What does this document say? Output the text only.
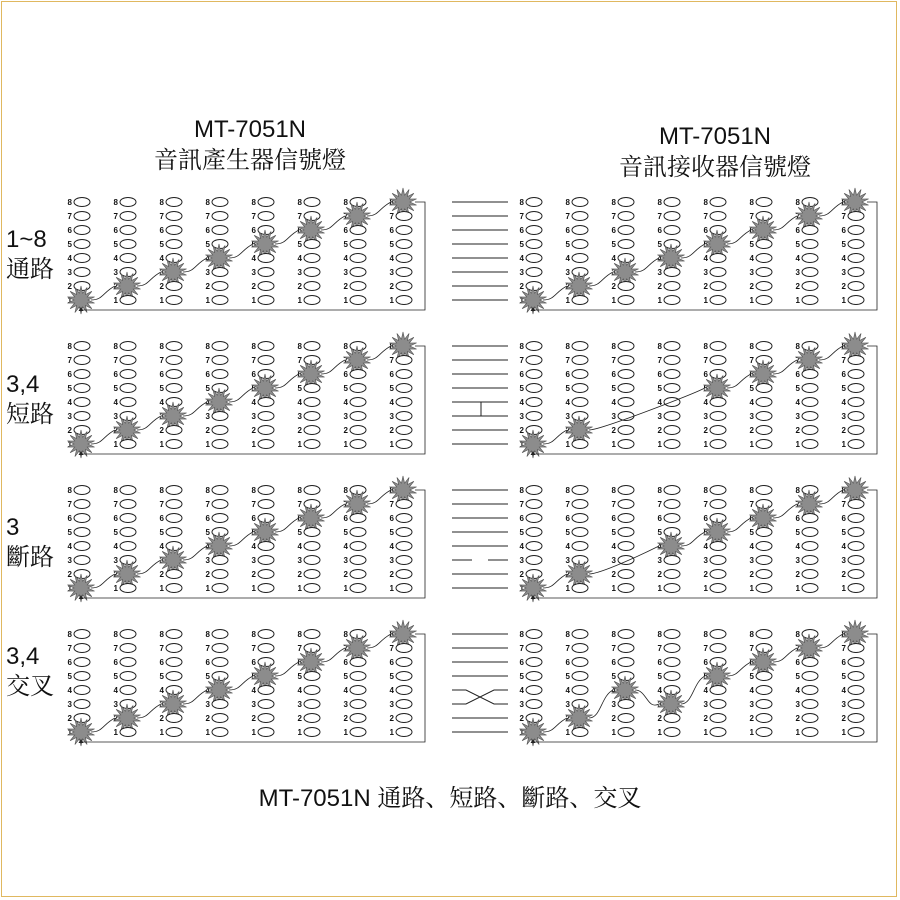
MT-7051N
音訊產生器信號燈
MT-7051N
音訊接收器信號燈
1~8
通路
3,4
短路
3
斷路
3,4
交叉
8
7
6
5
4
3
2
1
8
7
6
5
4
3
2
1
8
7
6
5
4
3
2
1
8
7
6
5
4
3
2
1
8
7
6
5
4
3
2
1
8
7
6
5
4
3
2
1
8
7
6
5
4
3
2
1
8
7
6
5
4
3
2
1
8
7
6
5
4
3
2
1
8
7
6
5
4
3
2
1
8
7
6
5
4
3
2
1
8
7
6
5
4
3
2
1
8
7
6
5
4
3
2
1
8
7
6
5
4
3
2
1
8
7
6
5
4
3
2
1
8
7
6
5
4
3
2
1
8
7
6
5
4
3
2
1
8
7
6
5
4
3
2
1
8
7
6
5
4
3
2
1
8
7
6
5
4
3
2
1
8
7
6
5
4
3
2
1
8
7
6
5
4
3
2
1
8
7
6
5
4
3
2
1
8
7
6
5
4
3
2
1
8
7
6
5
4
3
2
1
8
7
6
5
4
3
2
1
8
7
6
5
4
3
2
1
8
7
6
5
4
3
2
1
8
7
6
5
4
3
2
1
8
7
6
5
4
3
2
1
8
7
6
5
4
3
2
1
8
7
6
5
4
3
2
1
8
7
6
5
4
3
2
1
8
7
6
5
4
3
2
1
8
7
6
5
4
3
2
1
8
7
6
5
4
3
2
1
8
7
6
5
4
3
2
1
8
7
6
5
4
3
2
1
8
7
6
5
4
3
2
1
8
7
6
5
4
3
2
1
8
7
6
5
4
3
2
1
8
7
6
5
4
3
2
1
8
7
6
5
4
3
2
1
8
7
6
5
4
3
2
1
8
7
6
5
4
3
2
1
8
7
6
5
4
3
2
1
8
7
6
5
4
3
2
1
8
7
6
5
4
3
2
1
8
7
6
5
4
3
2
1
8
7
6
5
4
3
2
1
8
7
6
5
4
3
2
1
8
7
6
5
4
3
2
1
8
7
6
5
4
3
2
1
8
7
6
5
4
3
2
1
8
7
6
5
4
3
2
1
8
7
6
5
4
3
2
1
8
7
6
5
4
3
2
1
8
7
6
5
4
3
2
1
8
7
6
5
4
3
2
1
8
7
6
5
4
3
2
1
8
7
6
5
4
3
2
1
8
7
6
5
4
3
2
1
8
7
6
5
4
3
2
1
8
7
6
5
4
3
2
1
MT-7051N 通路、短路、斷路、交叉
